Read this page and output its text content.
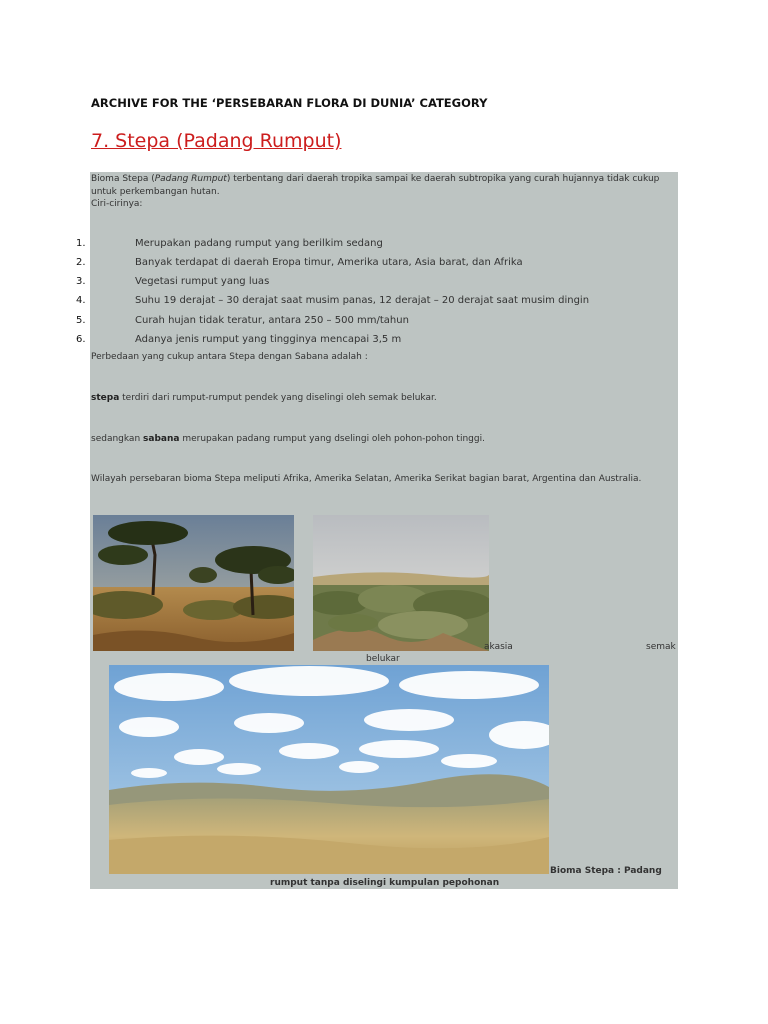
ARCHIVE FOR THE ‘PERSEBARAN FLORA DI DUNIA’ CATEGORY
7. Stepa (Padang Rumput)
Bioma Stepa (Padang Rumput) terbentang dari daerah tropika sampai ke daerah subtropika yang curah hujannya tidak cukup
untuk perkembangan hutan.
Ciri-cirinya:
1.	Merupakan padang rumput yang berilkim sedang
2.	Banyak terdapat di daerah Eropa timur, Amerika utara, Asia barat, dan Afrika
3.	Vegetasi rumput yang luas
4.	Suhu 19 derajat – 30 derajat saat musim panas, 12 derajat – 20 derajat saat musim dingin
5.	Curah hujan tidak teratur, antara 250 – 500 mm/tahun
6.	Adanya jenis rumput yang tingginya mencapai 3,5 m
Perbedaan yang cukup antara Stepa dengan Sabana adalah :
stepa terdiri dari rumput-rumput pendek yang diselingi oleh semak belukar.
sedangkan sabana merupakan padang rumput yang dselingi oleh pohon-pohon tinggi.
Wilayah persebaran bioma Stepa meliputi Afrika, Amerika Selatan, Amerika Serikat bagian barat, Argentina dan Australia.
akasia	semak
belukar
Bioma Stepa : Padang
rumput tanpa diselingi kumpulan pepohonan
